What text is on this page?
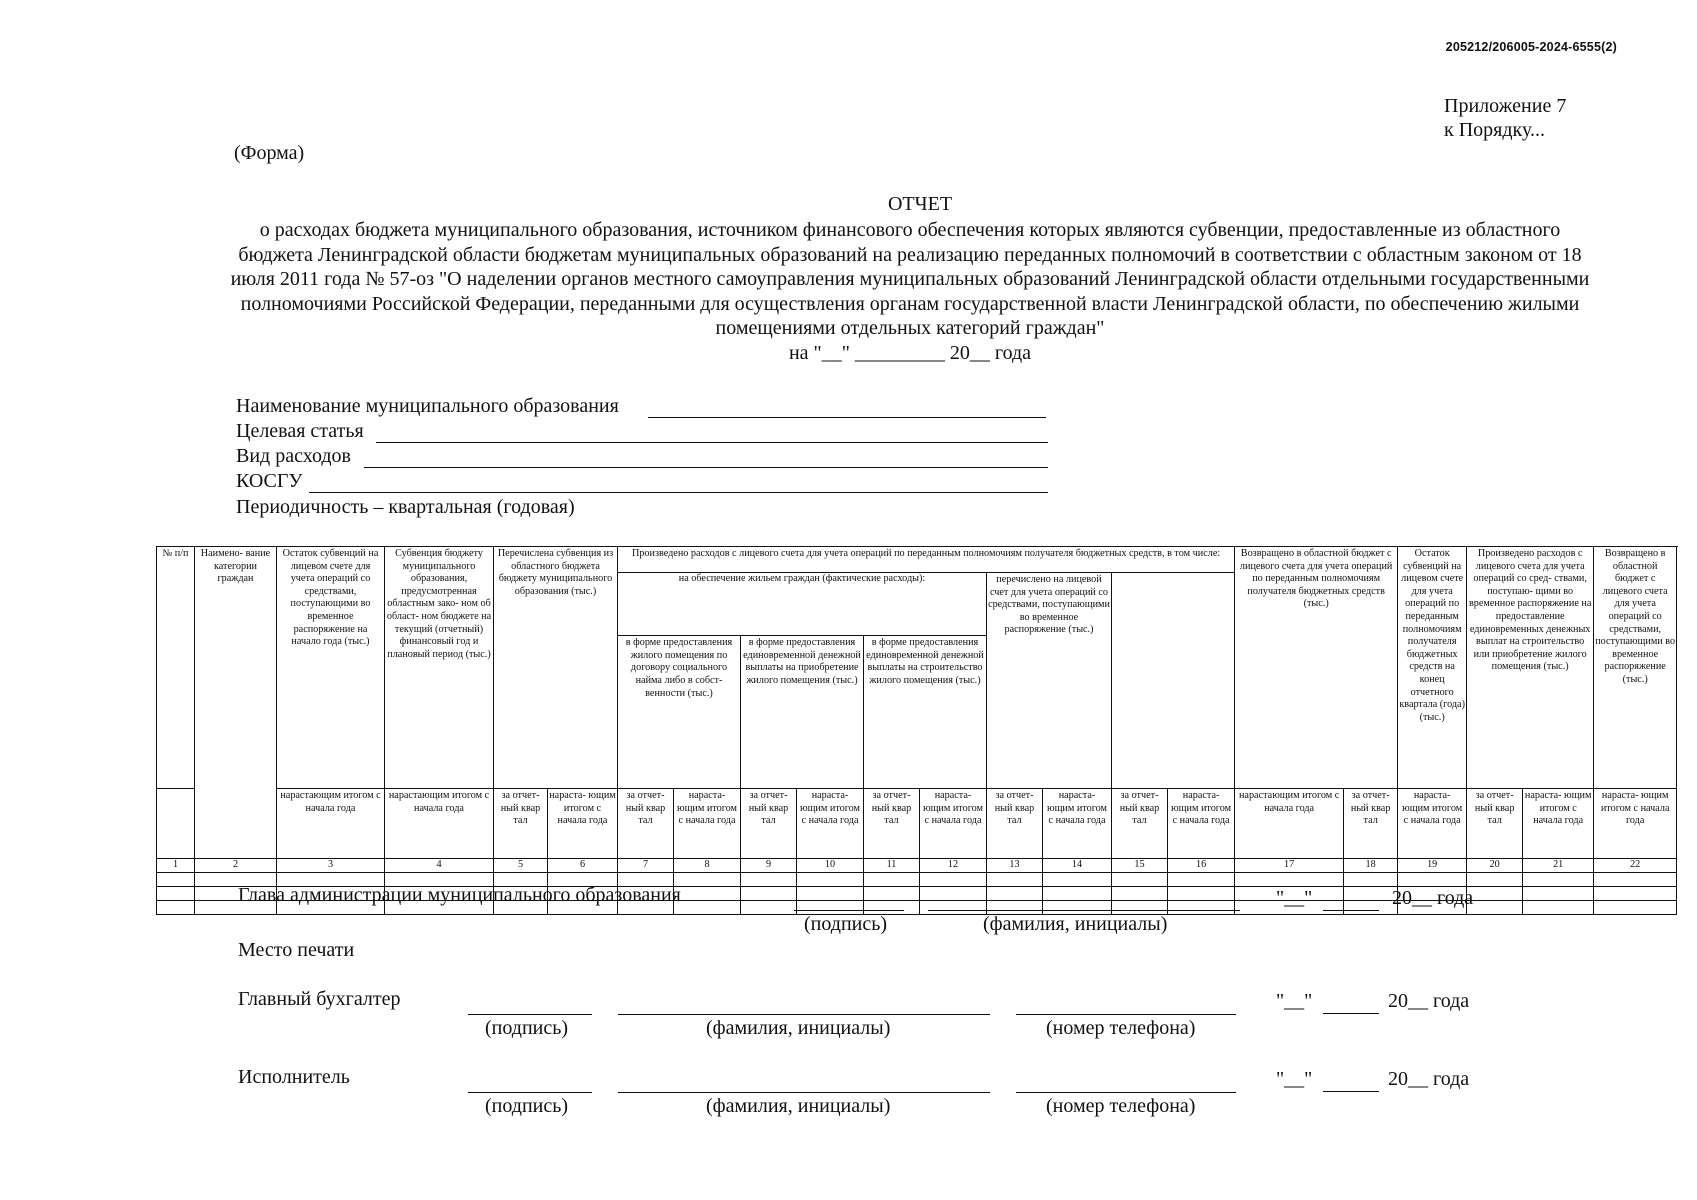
205212/206005-2024-6555(2)
Приложение 7
к Порядку...
(Форма)
ОТЧЕТ
о расходах бюджета муниципального образования, источником финансового обеспечения которых являются субвенции, предоставленные из областного бюджета Ленинградской области бюджетам муниципальных образований на реализацию переданных полномочий в соответствии с областным законом от 18 июля 2011 года № 57-оз "О наделении органов местного самоуправления муниципальных образований Ленинградской области отдельными государственными полномочиями Российской Федерации, переданными для осуществления органам государственной власти Ленинградской области, по обеспечению жилыми помещениями отдельных категорий граждан"
на "__" _________ 20__ года
Наименование муниципального образования
Целевая статья
Вид расходов
КОСГУ
Периодичность – квартальная (годовая)
№ п/п	Наимено- вание категории граждан	Остаток субвенций на лицевом счете для учета операций со средствами, поступающими во временное распоряжение на начало года (тыс.)	Субвенция бюджету муниципального образования, предусмотренная областным зако- ном об област- ном бюджете на текущий (отчетный) финансовый год и плановый период (тыс.)	Перечислена субвенция из областного бюджета бюджету муниципального образования (тыс.)		Произведено расходов с лицевого счета для учета операций по переданным полномочиям получателя бюджетных средств, в том числе:										Возвращено в областной бюджет с лицевого счета для учета операций по переданным полномочиям получателя бюджетных средств (тыс.)		Остаток субвенций на лицевом счете для учета операций по переданным полномочиям получателя бюджетных средств на конец отчетного квартала (года) (тыс.)	Произведено расходов с лицевого счета для учета операций со сред- ствами, поступаю- щими во временное распоряжение на предоставление единовременных денежных выплат на строительство или приобретение жилого помещения (тыс.)		Возвращено в областной бюджет с лицевого счета для учета операций со средствами, поступающими во временное распоряжение (тыс.)	
						на обеспечение жильем граждан (фактические расходы):						перечислено на лицевой счет для учета операций со средствами, поступающими во временное распоряжение (тыс.)										
						в форме предоставления жилого помещения по договору социального найма либо в собст- венности (тыс.)		в форме предоставления единовременной денежной выплаты на приобретение жилого помещения (тыс.)		в форме предоставления единовременной денежной выплаты на строительство жилого помещения (тыс.)												
		нарастающим итогом с начала года	нарастающим итогом с начала года	за отчет- ный квар тал	нараста- ющим итогом с начала года	за отчет- ный квар тал	нараста- ющим итогом с начала года	за отчет- ный квар тал	нараста- ющим итогом с начала года	за отчет- ный квар тал	нараста- ющим итогом с начала года	за отчет- ный квар тал	нараста- ющим итогом с начала года	за отчет- ный квар тал	нараста- ющим итогом с начала года	нарастающим итогом с начала года	за отчет- ный квар тал	нараста- ющим итогом с начала года	за отчет- ный квар тал	нараста- ющим итогом с начала года	нараста- ющим итогом с начала года	
1	2	3	4	5	6	7	8	9	10	11	12	13	14	15	16	17	18	19	20	21	22	

Глава администрации муниципального образования
(подпись)	(фамилия, инициалы)
"__"	20__ года
Место печати
Главный бухгалтер
(подпись)	(фамилия, инициалы)	(номер телефона)
"__"	20__ года
Исполнитель
(подпись)	(фамилия, инициалы)	(номер телефона)
"__"	20__ года
